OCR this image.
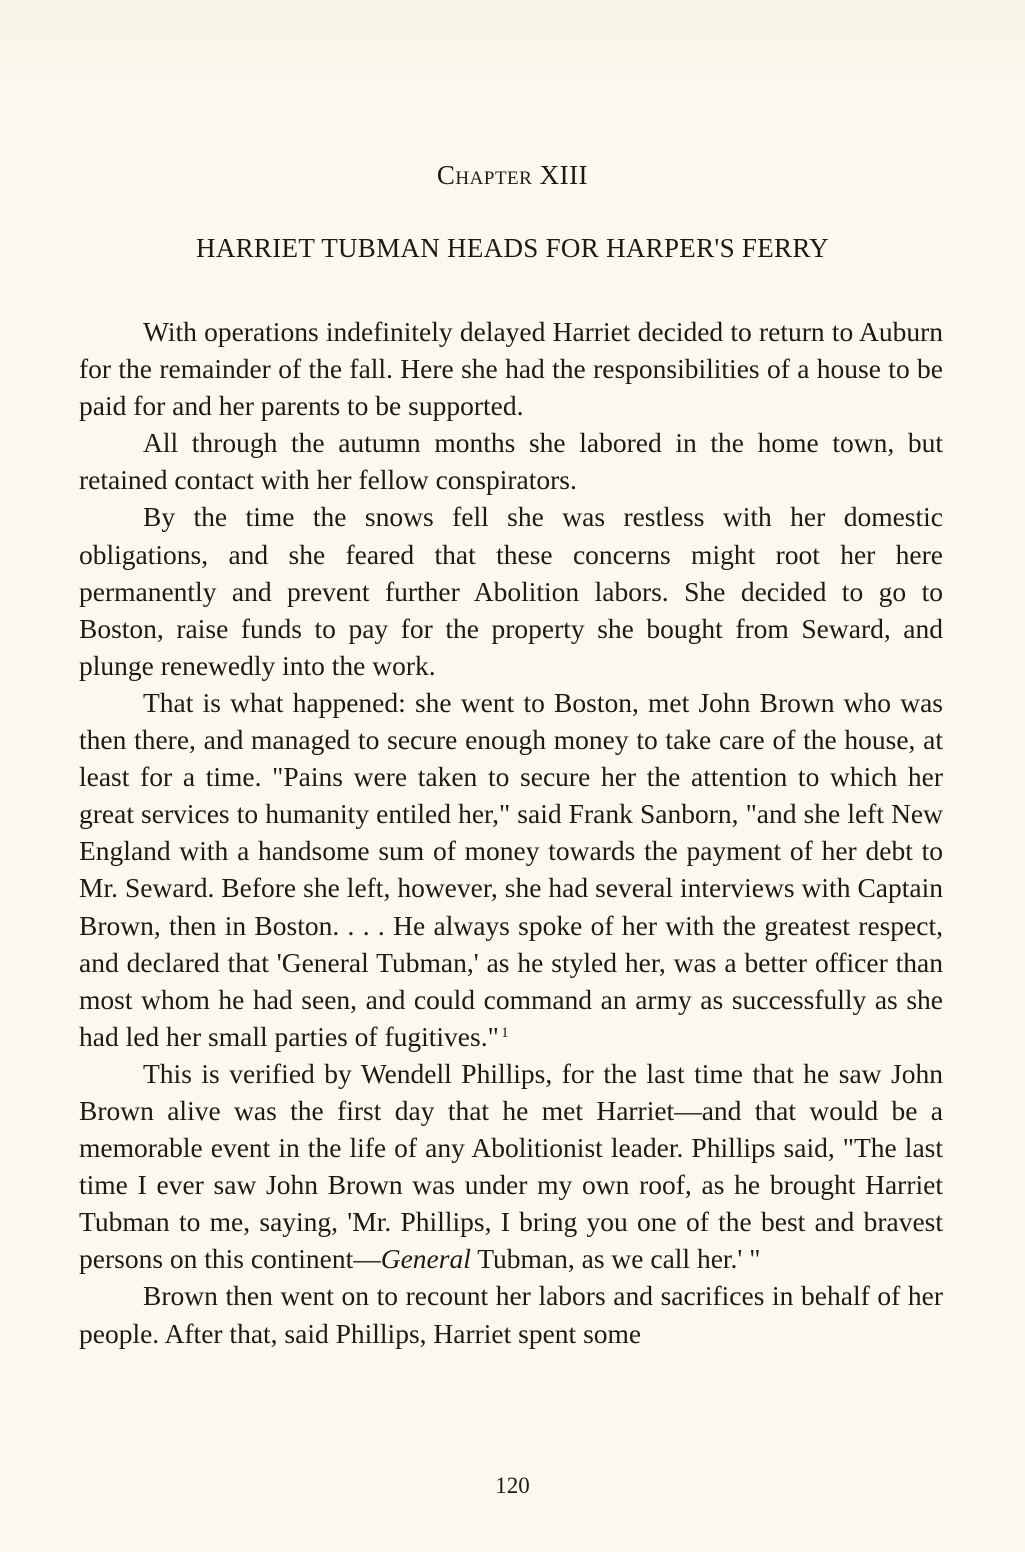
Chapter XIII
HARRIET TUBMAN HEADS FOR HARPER'S FERRY

With operations indefinitely delayed Harriet decided to return to Auburn for the remainder of the fall. Here she had the responsibilities of a house to be paid for and her parents to be supported.

All through the autumn months she labored in the home town, but retained contact with her fellow conspirators.

By the time the snows fell she was restless with her domestic obligations, and she feared that these concerns might root her here permanently and prevent further Abolition labors. She decided to go to Boston, raise funds to pay for the property she bought from Seward, and plunge renewedly into the work.

That is what happened: she went to Boston, met John Brown who was then there, and managed to secure enough money to take care of the house, at least for a time. "Pains were taken to secure her the attention to which her great services to humanity entiled her," said Frank Sanborn, "and she left New England with a handsome sum of money towards the payment of her debt to Mr. Seward. Before she left, however, she had several interviews with Captain Brown, then in Boston. . . . He always spoke of her with the greatest respect, and declared that 'General Tubman,' as he styled her, was a better officer than most whom he had seen, and could command an army as successfully as she had led her small parties of fugitives."  $^1$

This is verified by Wendell Phillips, for the last time that he saw John Brown alive was the first day that he met Harriet—and that would be a memorable event in the life of any Abolitionist leader. Phillips said, "The last time I ever saw John Brown was under my own roof, as he brought Harriet Tubman to me, saying, 'Mr. Phillips, I bring you one of the best and bravest persons on this continent—General Tubman, as we call her.' "

Brown then went on to recount her labors and sacrifices in behalf of her people. After that, said Phillips, Harriet spent some

120
